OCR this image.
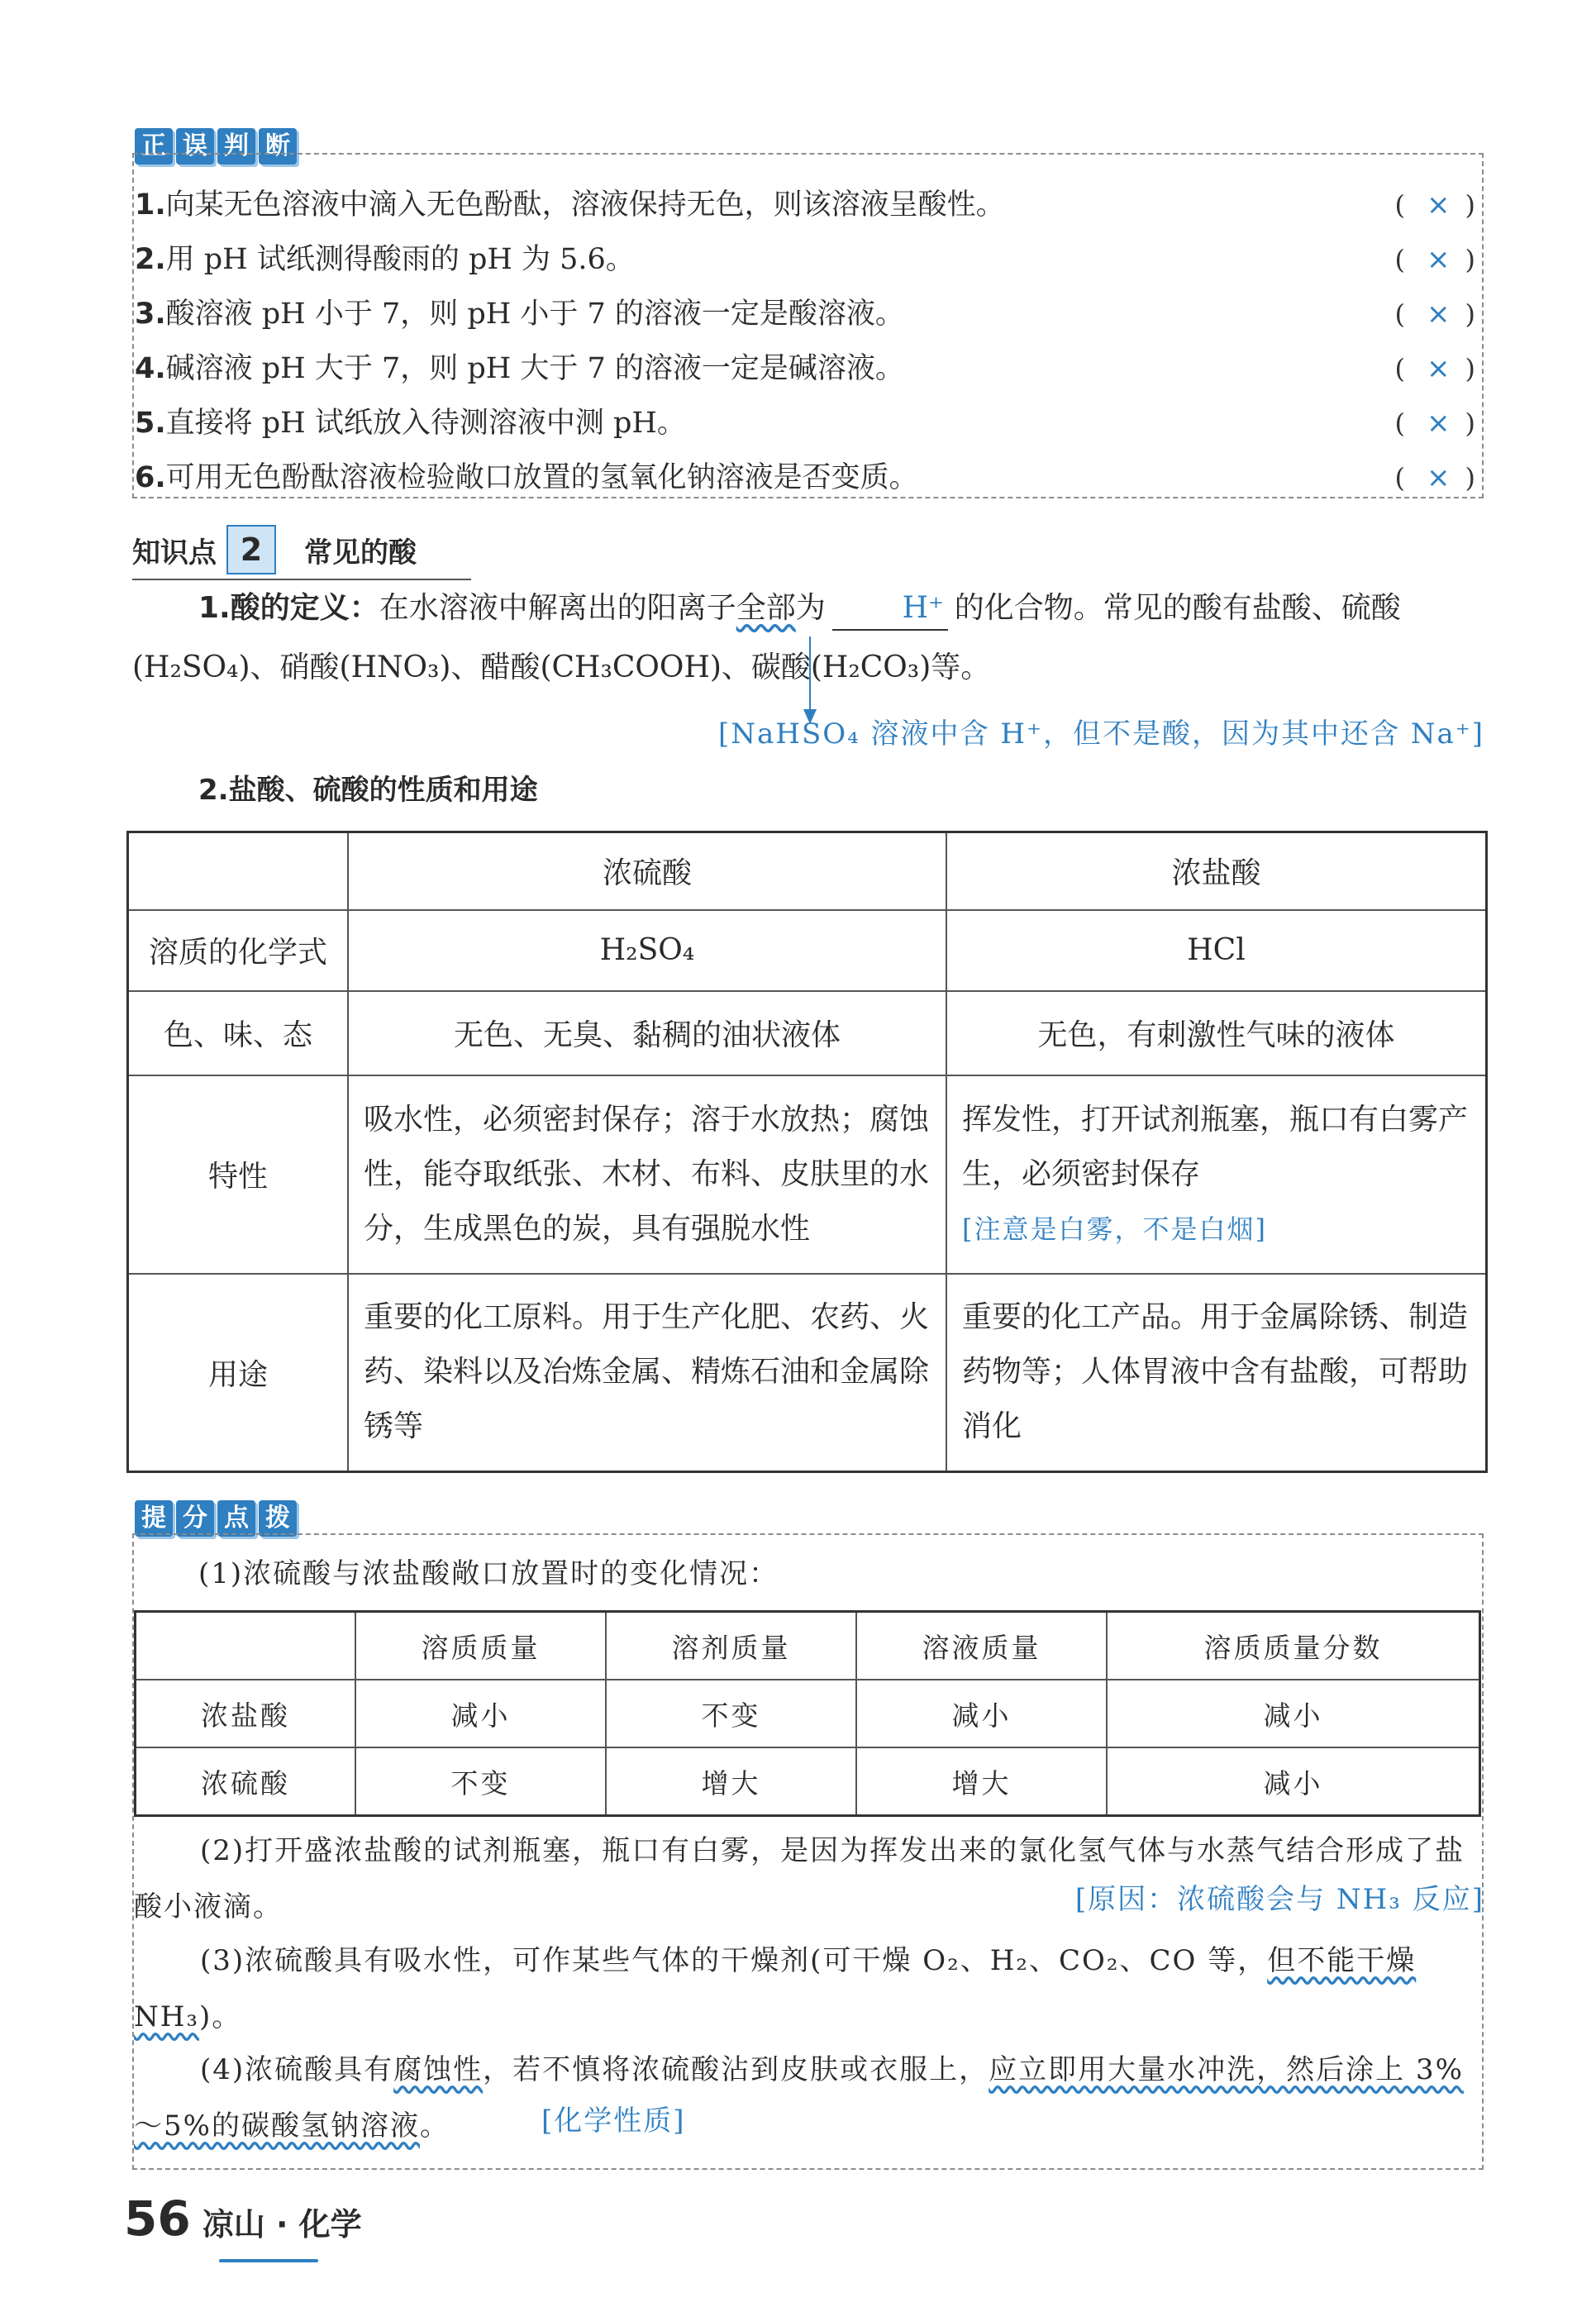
正 误 判 断
1.向某无色溶液中滴入无色酚酞，溶液保持无色，则该溶液呈酸性。	( × )
2.用 pH 试纸测得酸雨的 pH 为 5.6。	( × )
3.酸溶液 pH 小于 7，则 pH 小于 7 的溶液一定是酸溶液。	( × )
4.碱溶液 pH 大于 7，则 pH 大于 7 的溶液一定是碱溶液。	( × )
5.直接将 pH 试纸放入待测溶液中测 pH。	( × )
6.可用无色酚酞溶液检验敞口放置的氢氧化钠溶液是否变质。	( × )
知识点 2	常见的酸
1.酸的定义：在水溶液中解离出的阳离子全部为	H⁺ 的化合物。常见的酸有盐酸、硫酸(H₂SO₄)、硝酸(HNO₃)、醋酸(CH₃COOH)、碳酸(H₂CO₃)等。
[NaHSO₄ 溶液中含 H⁺，但不是酸，因为其中还含 Na⁺]
2.盐酸、硫酸的性质和用途
	浓硫酸	浓盐酸
溶质的化学式	H₂SO₄	HCl
色、味、态	无色、无臭、黏稠的油状液体	无色，有刺激性气味的液体
特性	吸水性，必须密封保存；溶于水放热；腐蚀性，能夺取纸张、木材、布料、皮肤里的水分，生成黑色的炭，具有强脱水性	挥发性，打开试剂瓶塞，瓶口有白雾产生，必须密封保存
[注意是白雾，不是白烟]

用途	重要的化工原料。用于生产化肥、农药、火药、染料以及冶炼金属、精炼石油和金属除锈等	重要的化工产品。用于金属除锈、制造药物等；人体胃液中含有盐酸，可帮助消化
提 分 点 拨
(1)浓硫酸与浓盐酸敞口放置时的变化情况：
	溶质质量	溶剂质量	溶液质量	溶质质量分数
浓盐酸	减小	不变	减小	减小
浓硫酸	不变	增大	增大	减小
(2)打开盛浓盐酸的试剂瓶塞，瓶口有白雾，是因为挥发出来的氯化氢气体与水蒸气结合形成了盐酸小液滴。	[原因：浓硫酸会与 NH₃ 反应]
(3)浓硫酸具有吸水性，可作某些气体的干燥剂(可干燥 O₂、H₂、CO₂、CO 等，但不能干燥 NH₃)。
(4)浓硫酸具有腐蚀性，若不慎将浓硫酸沾到皮肤或衣服上，应立即用大量水冲洗，然后涂上 3%～5%的碳酸氢钠溶液。	[化学性质]
56 凉山 · 化学
